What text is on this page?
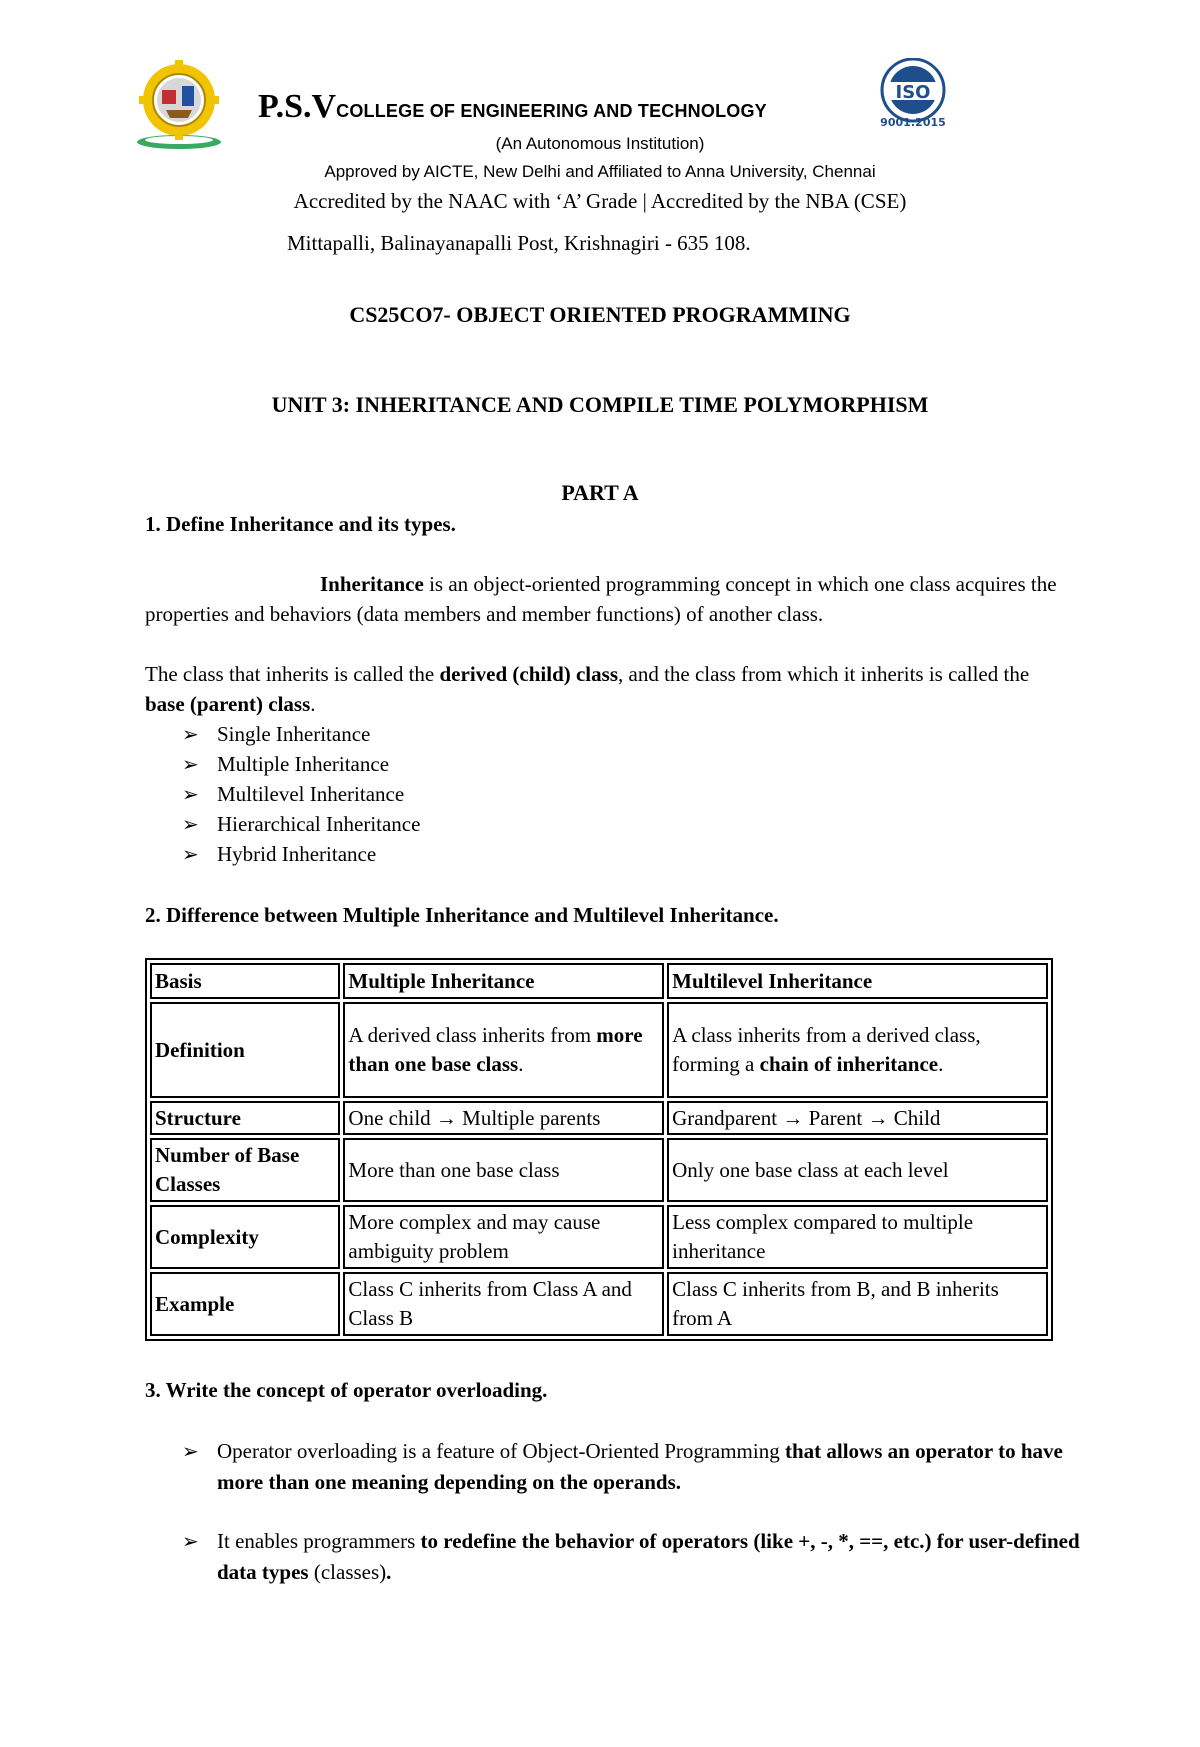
ISO
9001:2015
P.S.VCOLLEGE OF ENGINEERING AND TECHNOLOGY
(An Autonomous Institution)
Approved by AICTE, New Delhi and Affiliated to Anna University, Chennai
Accredited by the NAAC with ‘A’ Grade | Accredited by the NBA (CSE)
Mittapalli, Balinayanapalli Post, Krishnagiri - 635 108.
CS25CO7- OBJECT ORIENTED PROGRAMMING
UNIT 3: INHERITANCE AND COMPILE TIME POLYMORPHISM
PART A
1. Define Inheritance and its types.
Inheritance is an object-oriented programming concept in which one class acquires the properties and behaviors (data members and member functions) of another class.
The class that inherits is called the derived (child) class, and the class from which it inherits is called the base (parent) class.
➢ Single Inheritance
➢ Multiple Inheritance
➢ Multilevel Inheritance
➢ Hierarchical Inheritance
➢ Hybrid Inheritance
2. Difference between Multiple Inheritance and Multilevel Inheritance.
Basis	Multiple Inheritance	Multilevel Inheritance
Definition	A derived class inherits from more than one base class.	A class inherits from a derived class, forming a chain of inheritance.
Structure	One child → Multiple parents	Grandparent → Parent → Child
Number of Base Classes	More than one base class	Only one base class at each level
Complexity	More complex and may cause ambiguity problem	Less complex compared to multiple inheritance
Example	Class C inherits from Class A and Class B	Class C inherits from B, and B inherits from A
3. Write the concept of operator overloading.
➢ Operator overloading is a feature of Object-Oriented Programming that allows an operator to have more than one meaning depending on the operands.
➢ It enables programmers to redefine the behavior of operators (like +, -, *, ==, etc.) for user-defined data types (classes).
